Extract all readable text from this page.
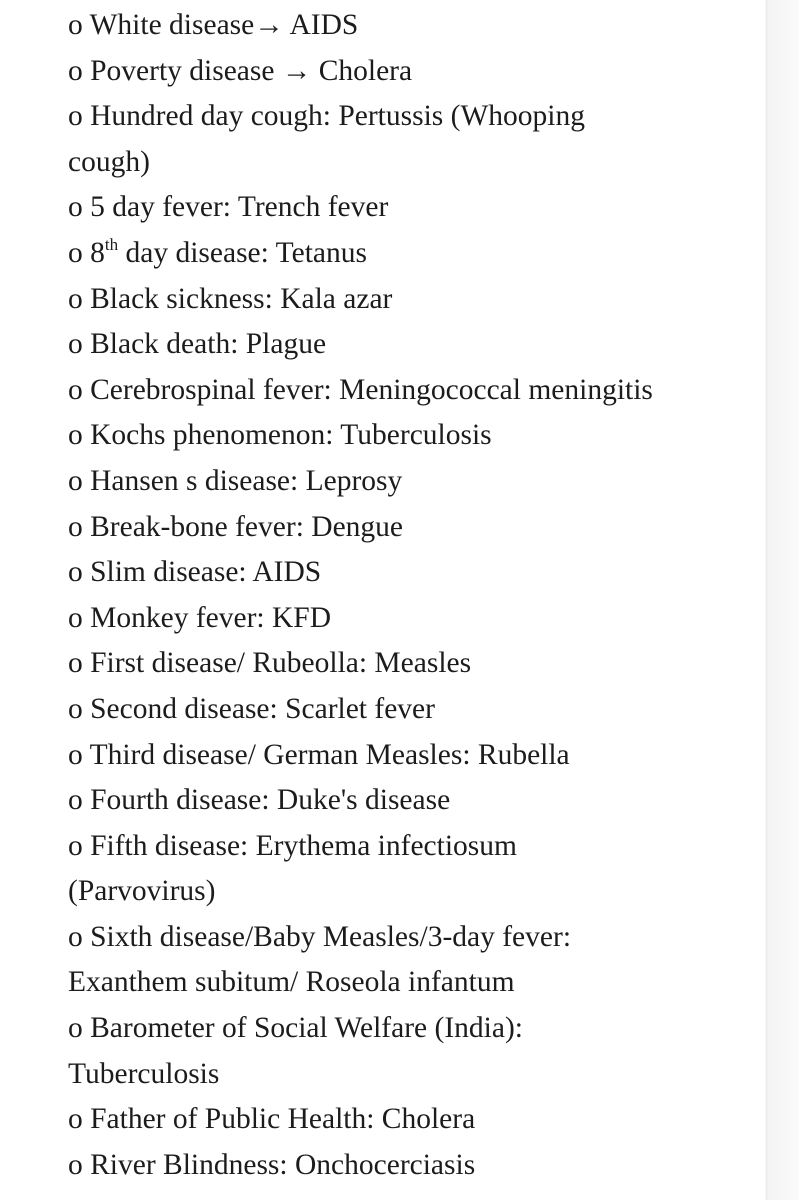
o White disease→ AIDS
o Poverty disease → Cholera
o Hundred day cough: Pertussis (Whooping
cough)
o 5 day fever: Trench fever
o 8th day disease: Tetanus
o Black sickness: Kala azar
o Black death: Plague
o Cerebrospinal fever: Meningococcal meningitis
o Kochs phenomenon: Tuberculosis
o Hansen s disease: Leprosy
o Break-bone fever: Dengue
o Slim disease: AIDS
o Monkey fever: KFD
o First disease/ Rubeolla: Measles
o Second disease: Scarlet fever
o Third disease/ German Measles: Rubella
o Fourth disease: Duke's disease
o Fifth disease: Erythema infectiosum
(Parvovirus)
o Sixth disease/Baby Measles/3-day fever:
Exanthem subitum/ Roseola infantum
o Barometer of Social Welfare (India):
Tuberculosis
o Father of Public Health: Cholera
o River Blindness: Onchocerciasis
